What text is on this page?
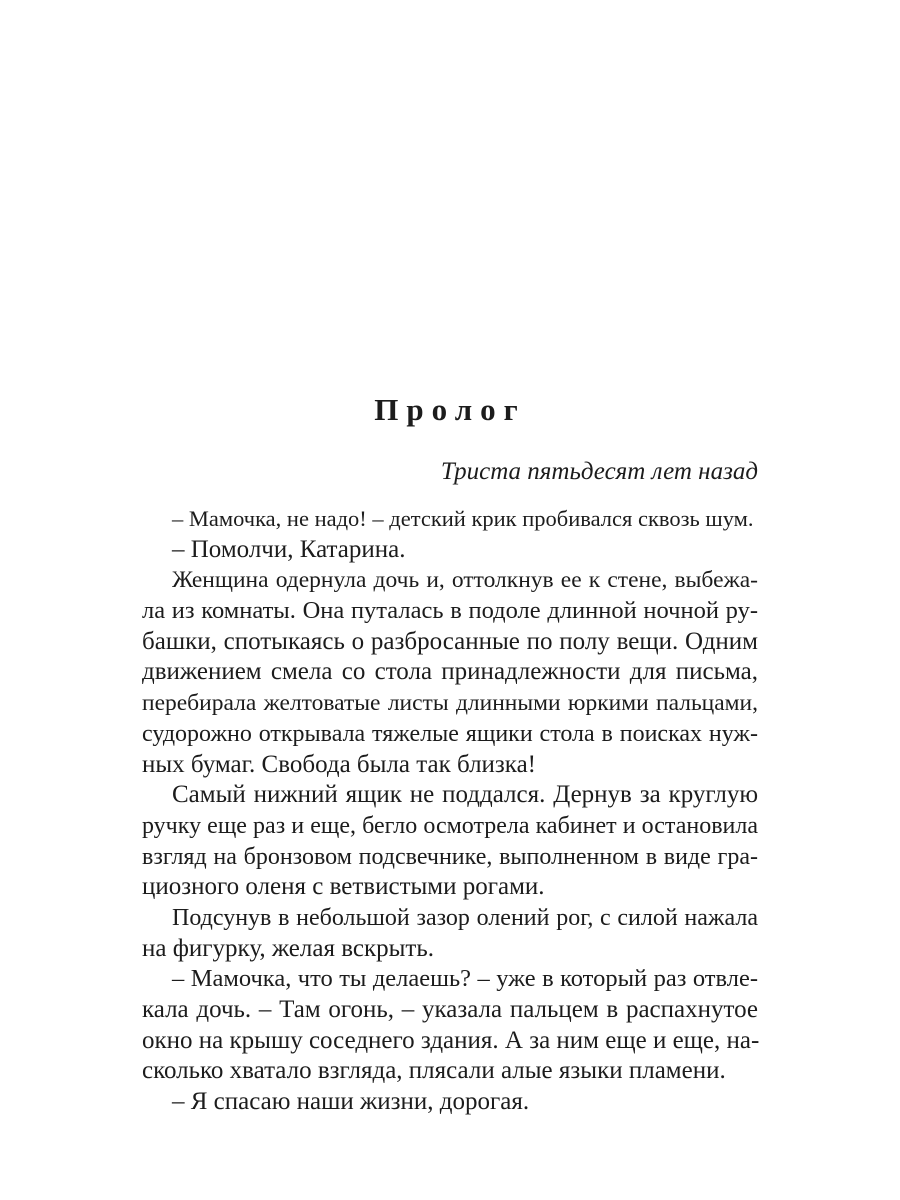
Пролог

Триста пятьдесят лет назад

– Мамочка, не надо! – детский крик пробивался сквозь шум.

– Помолчи, Катарина.

Женщина одернула дочь и, оттолкнув ее к стене, выбежа-

ла из комнаты. Она путалась в подоле длинной ночной ру-

башки, спотыкаясь о разбросанные по полу вещи. Одним

движением смела со стола принадлежности для письма,

перебирала желтоватые листы длинными юркими пальцами,

судорожно открывала тяжелые ящики стола в поисках нуж-

ных бумаг. Свобода была так близка!

Самый нижний ящик не поддался. Дернув за круглую

ручку еще раз и еще, бегло осмотрела кабинет и остановила

взгляд на бронзовом подсвечнике, выполненном в виде гра-

циозного оленя с ветвистыми рогами.

Подсунув в небольшой зазор олений рог, с силой нажала

на фигурку, желая вскрыть.

– Мамочка, что ты делаешь? – уже в который раз отвле-

кала дочь. – Там огонь, – указала пальцем в распахнутое

окно на крышу соседнего здания. А за ним еще и еще, на-

сколько хватало взгляда, плясали алые языки пламени.

– Я спасаю наши жизни, дорогая.
